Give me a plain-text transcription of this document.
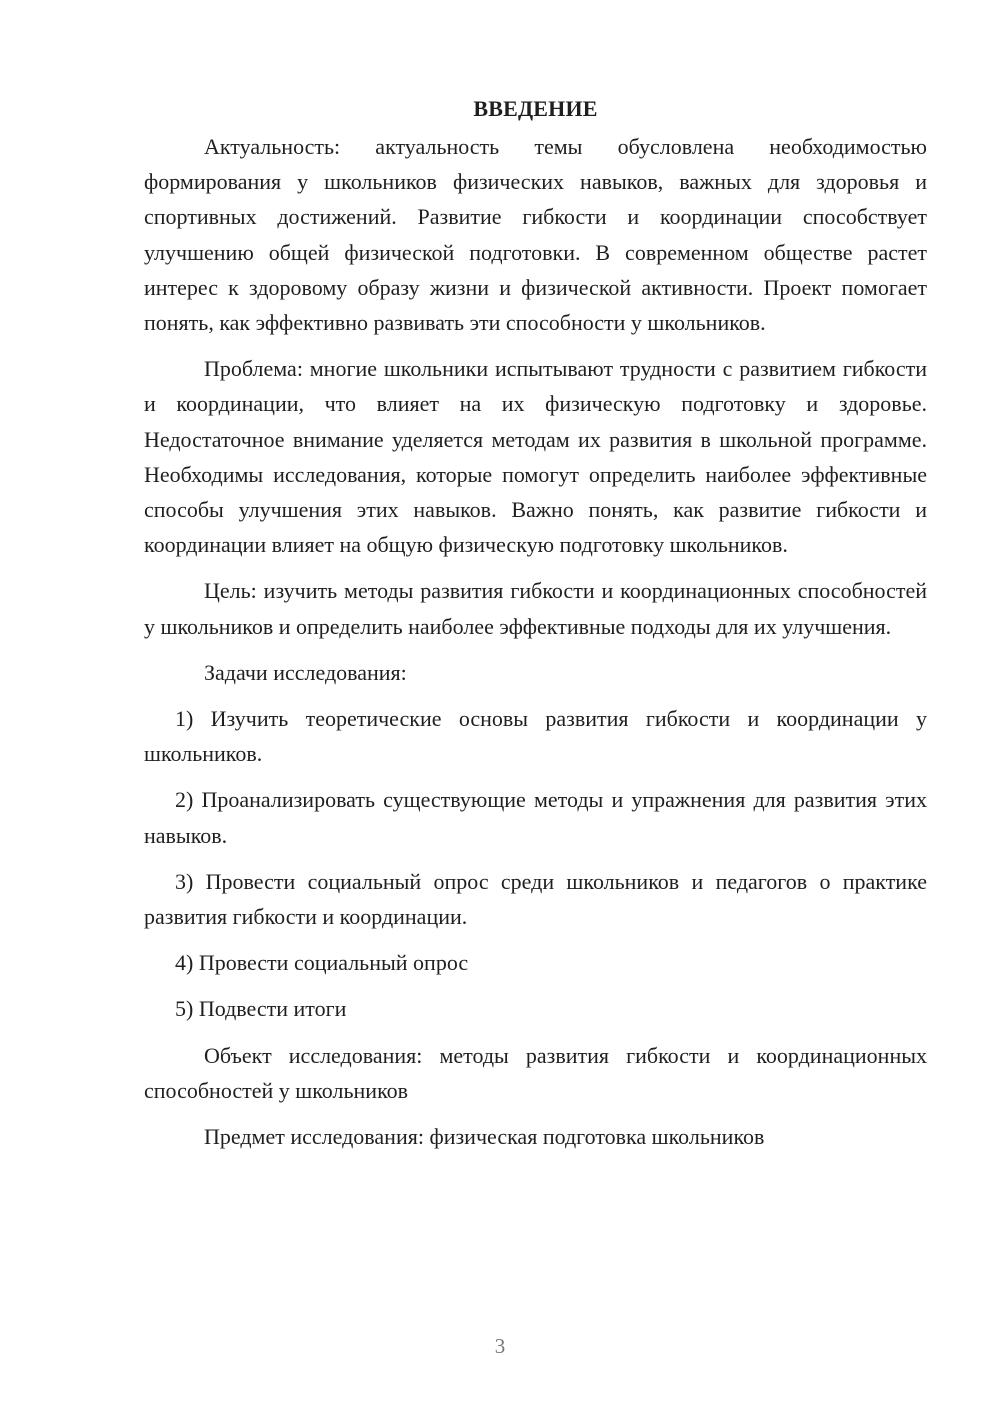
ВВЕДЕНИЕ

Актуальность: актуальность темы обусловлена необходимостью формирования у школьников физических навыков, важных для здоровья и спортивных достижений. Развитие гибкости и координации способствует улучшению общей физической подготовки. В современном обществе растет интерес к здоровому образу жизни и физической активности. Проект помогает понять, как эффективно развивать эти способности у школьников.

Проблема: многие школьники испытывают трудности с развитием гибкости и координации, что влияет на их физическую подготовку и здоровье. Недостаточное внимание уделяется методам их развития в школьной программе. Необходимы исследования, которые помогут определить наиболее эффективные способы улучшения этих навыков. Важно понять, как развитие гибкости и координации влияет на общую физическую подготовку школьников.

Цель: изучить методы развития гибкости и координационных способностей у школьников и определить наиболее эффективные подходы для их улучшения.

Задачи исследования:

1) Изучить теоретические основы развития гибкости и координации у школьников.

2) Проанализировать существующие методы и упражнения для развития этих навыков.

3) Провести социальный опрос среди школьников и педагогов о практике развития гибкости и координации.

4) Провести социальный опрос

5) Подвести итоги

Объект исследования: методы развития гибкости и координационных способностей у школьников

Предмет исследования: физическая подготовка школьников

3
